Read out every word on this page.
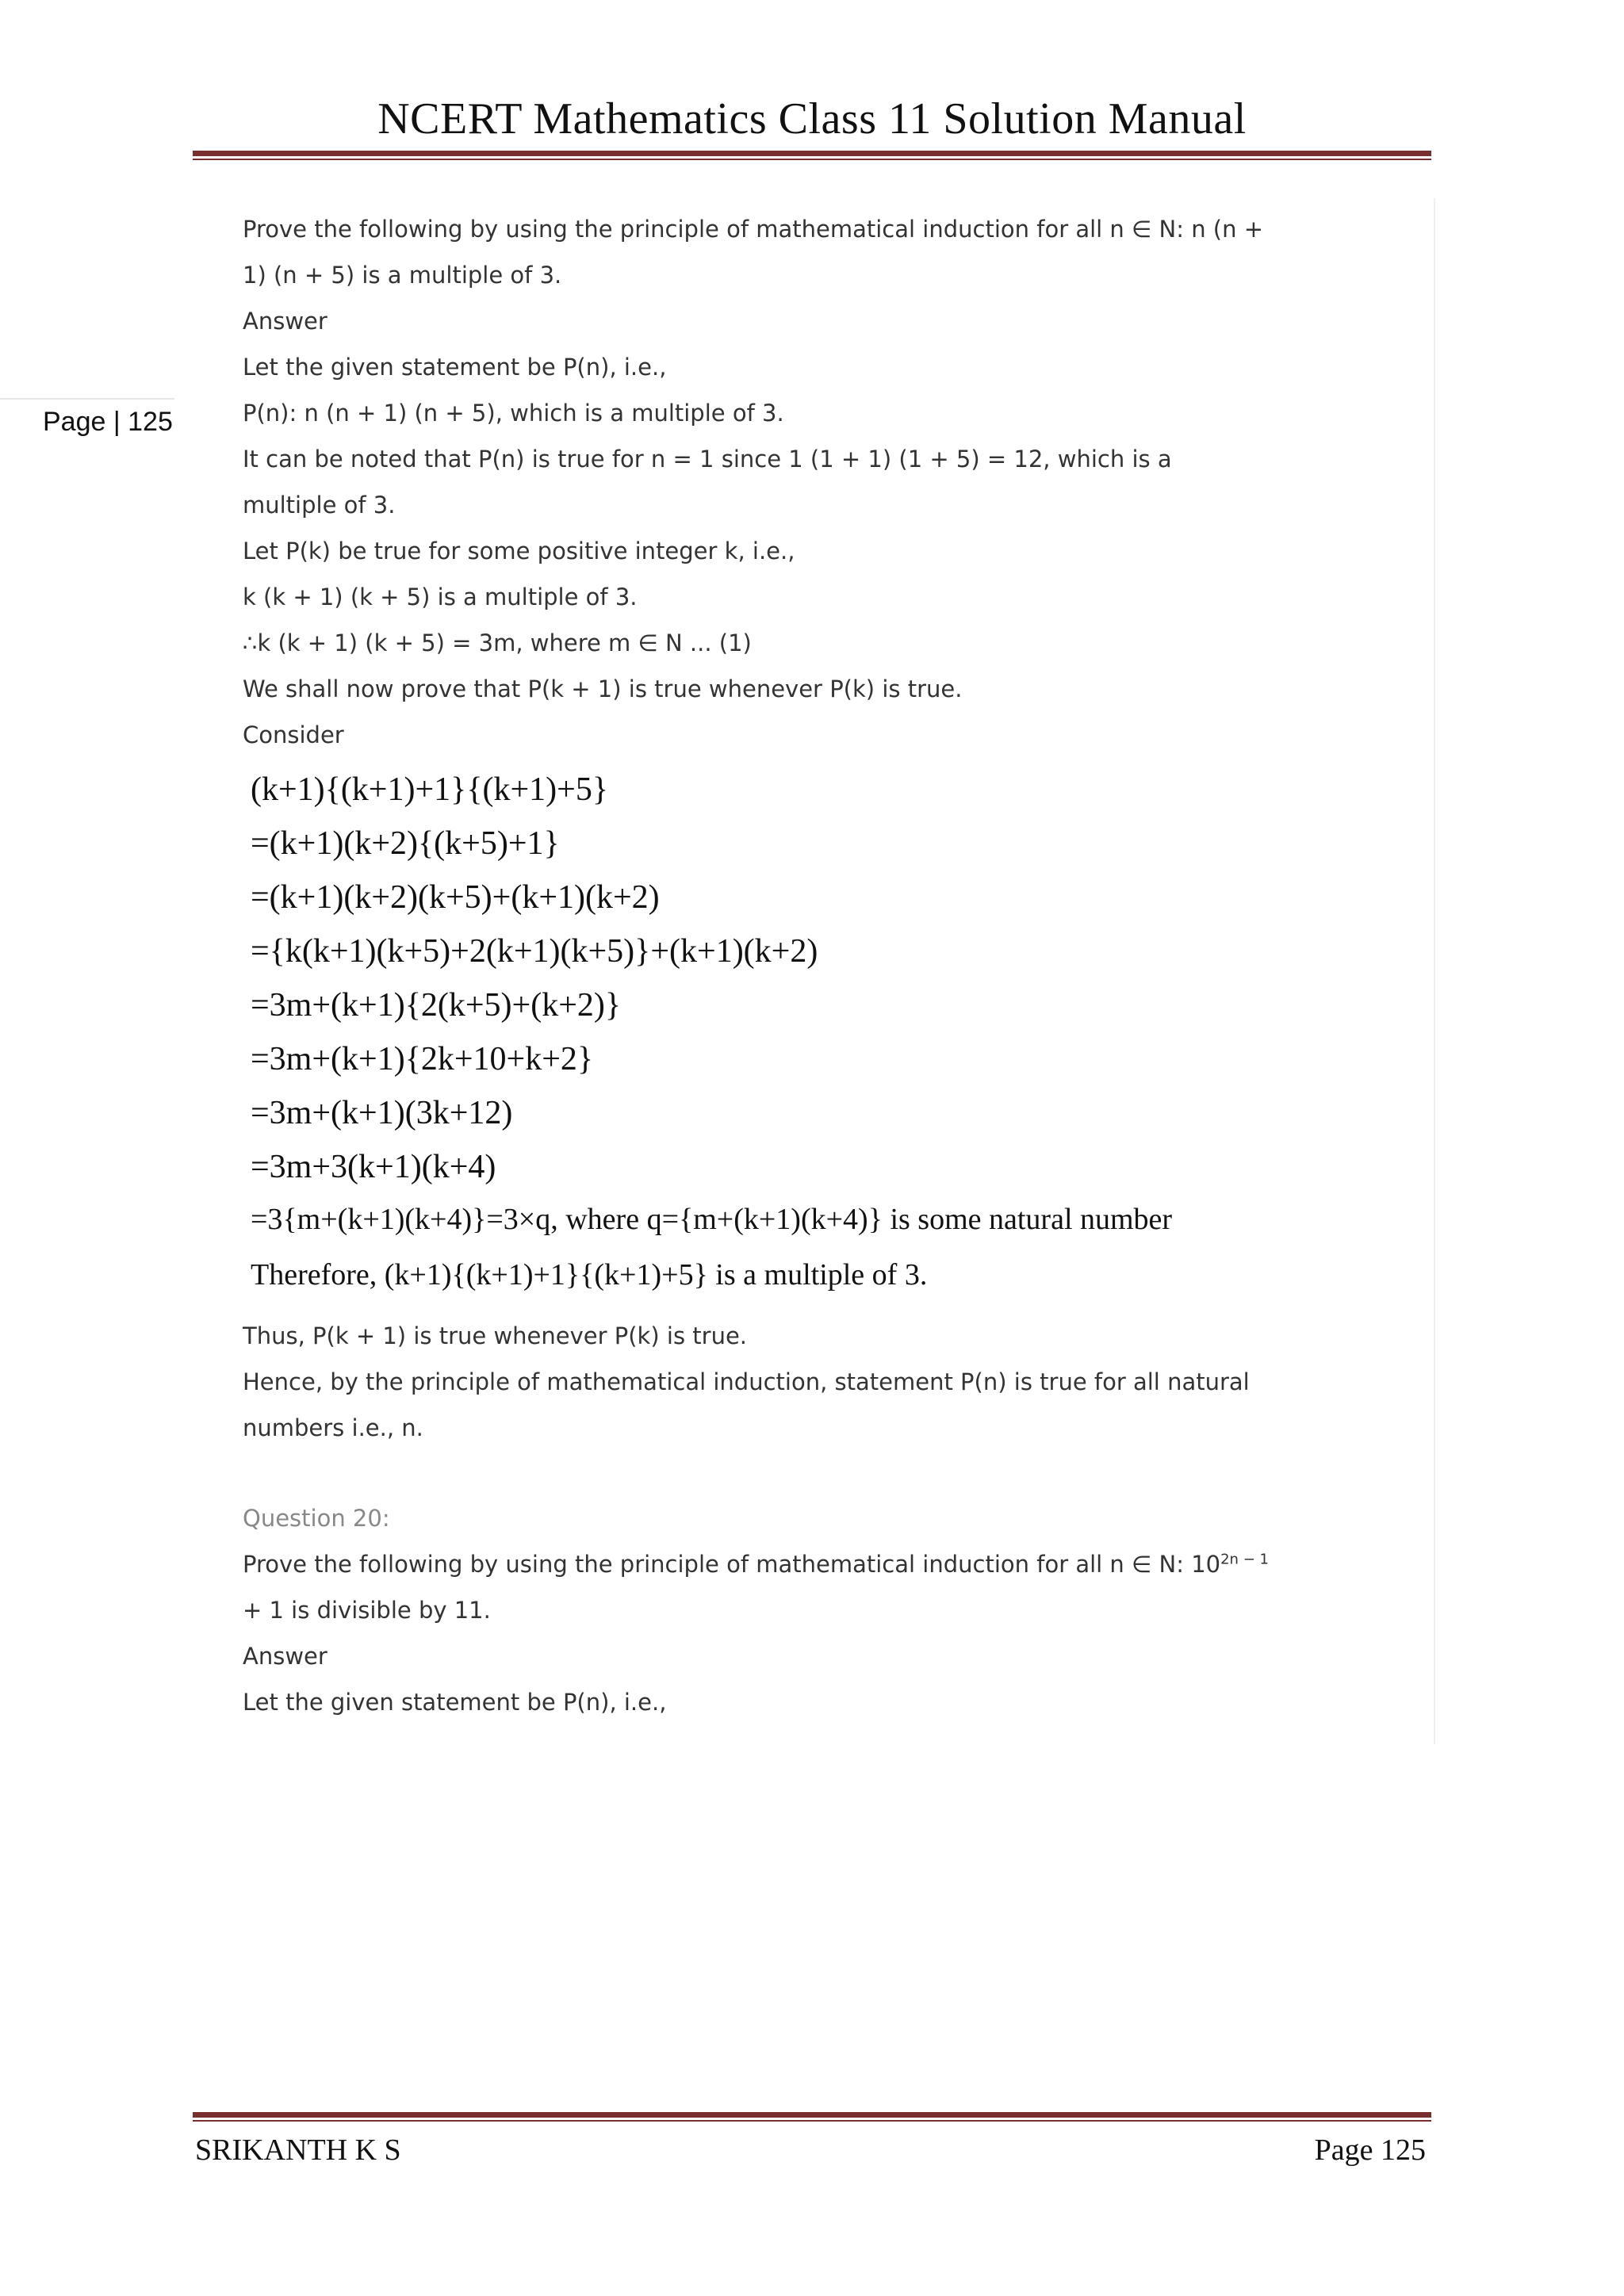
NCERT Mathematics Class 11 Solution Manual
Page | 125
Prove the following by using the principle of mathematical induction for all n ∈ N: n (n +
1) (n + 5) is a multiple of 3.
Answer
Let the given statement be P(n), i.e.,
P(n): n (n + 1) (n + 5), which is a multiple of 3.
It can be noted that P(n) is true for n = 1 since 1 (1 + 1) (1 + 5) = 12, which is a
multiple of 3.
Let P(k) be true for some positive integer k, i.e.,
k (k + 1) (k + 5) is a multiple of 3.
∴k (k + 1) (k + 5) = 3m, where m ∈ N ... (1)
We shall now prove that P(k + 1) is true whenever P(k) is true.
Consider
(k+1){(k+1)+1}{(k+1)+5}
=(k+1)(k+2){(k+5)+1}
=(k+1)(k+2)(k+5)+(k+1)(k+2)
={k(k+1)(k+5)+2(k+1)(k+5)}+(k+1)(k+2)
=3m+(k+1){2(k+5)+(k+2)}
=3m+(k+1){2k+10+k+2}
=3m+(k+1)(3k+12)
=3m+3(k+1)(k+4)
=3{m+(k+1)(k+4)}=3×q, where q={m+(k+1)(k+4)} is some natural number
Therefore, (k+1){(k+1)+1}{(k+1)+5} is a multiple of 3.
Thus, P(k + 1) is true whenever P(k) is true.
Hence, by the principle of mathematical induction, statement P(n) is true for all natural
numbers i.e., n.
Question 20:
Prove the following by using the principle of mathematical induction for all n ∈ N: $10^{2n - 1}$
+ 1 is divisible by 11.
Answer
Let the given statement be P(n), i.e.,
SRIKANTH K S	Page 125
